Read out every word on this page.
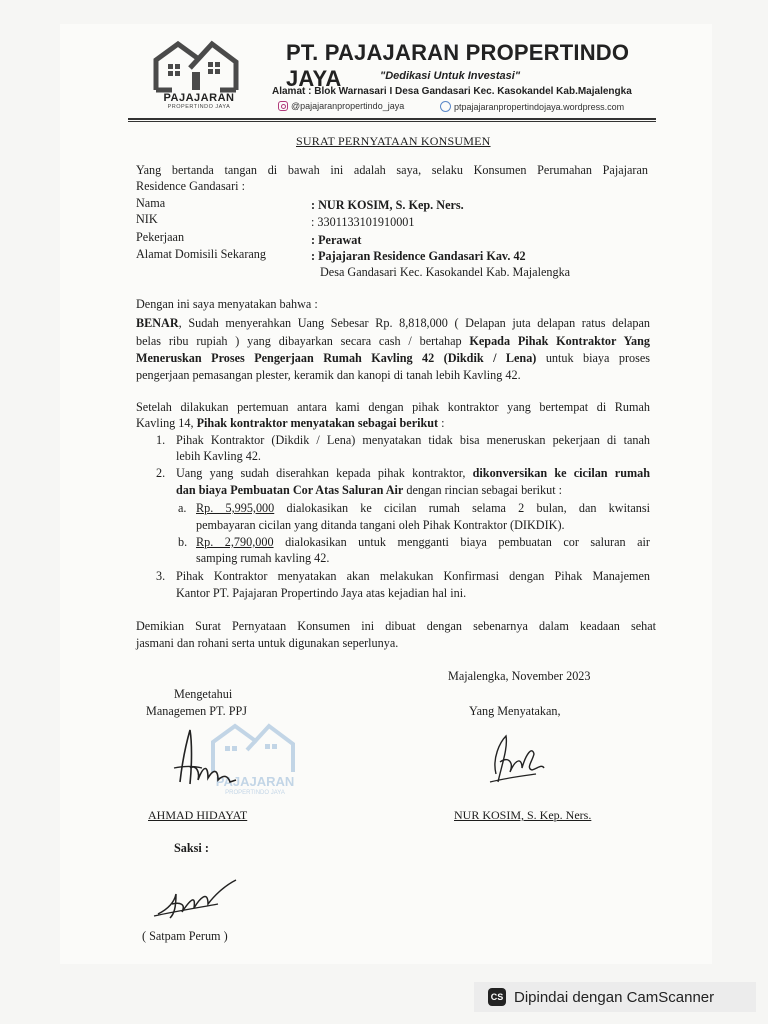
PAJAJARAN
PROPERTINDO JAYA
PT. PAJAJARAN PROPERTINDO JAYA	"Dedikasi Untuk Investasi"
Alamat : Blok Warnasari I Desa Gandasari Kec. Kasokandel Kab.Majalengka
@pajajaranpropertindo_jaya	ptpajajaranpropertindojaya.wordpress.com
SURAT PERNYATAAN KONSUMEN
Yang bertanda tangan di bawah ini adalah saya, selaku Konsumen Perumahan Pajajaran
Residence Gandasari :
Nama	: NUR KOSIM, S. Kep. Ners.
NIK	: 3301133101910001
Pekerjaan	: Perawat
Alamat Domisili Sekarang	: Pajajaran Residence Gandasari Kav. 42
Desa Gandasari Kec. Kasokandel Kab. Majalengka
Dengan ini saya menyatakan bahwa :
BENAR, Sudah menyerahkan Uang Sebesar Rp. 8,818,000 ( Delapan juta delapan ratus delapan
belas ribu rupiah ) yang dibayarkan secara cash / bertahap Kepada Pihak Kontraktor Yang
Meneruskan Proses Pengerjaan Rumah Kavling 42 (Dikdik / Lena) untuk biaya proses
pengerjaan pemasangan plester, keramik dan kanopi di tanah lebih Kavling 42.
Setelah dilakukan pertemuan antara kami dengan pihak kontraktor yang bertempat di Rumah
Kavling 14, Pihak kontraktor menyatakan sebagai berikut :
1. Pihak Kontraktor (Dikdik / Lena) menyatakan tidak bisa meneruskan pekerjaan di tanah
lebih Kavling 42.
2. Uang yang sudah diserahkan kepada pihak kontraktor, dikonversikan ke cicilan rumah
dan biaya Pembuatan Cor Atas Saluran Air dengan rincian sebagai berikut :
a. Rp. 5,995,000 dialokasikan ke cicilan rumah selama 2 bulan, dan kwitansi
pembayaran cicilan yang ditanda tangani oleh Pihak Kontraktor (DIKDIK).
b. Rp. 2,790,000 dialokasikan untuk mengganti biaya pembuatan cor saluran air
samping rumah kavling 42.
3. Pihak Kontraktor menyatakan akan melakukan Konfirmasi dengan Pihak Manajemen
Kantor PT. Pajajaran Propertindo Jaya atas kejadian hal ini.
Demikian Surat Pernyataan Konsumen ini dibuat dengan sebenarnya dalam keadaan sehat
jasmani dan rohani serta untuk digunakan seperlunya.
Majalengka, November 2023
Mengetahui
Managemen PT. PPJ	Yang Menyatakan,
PAJAJARAN
PROPERTINDO JAYA
AHMAD HIDAYAT	NUR KOSIM, S. Kep. Ners.
Saksi :
( Satpam Perum )
CS Dipindai dengan CamScanner
